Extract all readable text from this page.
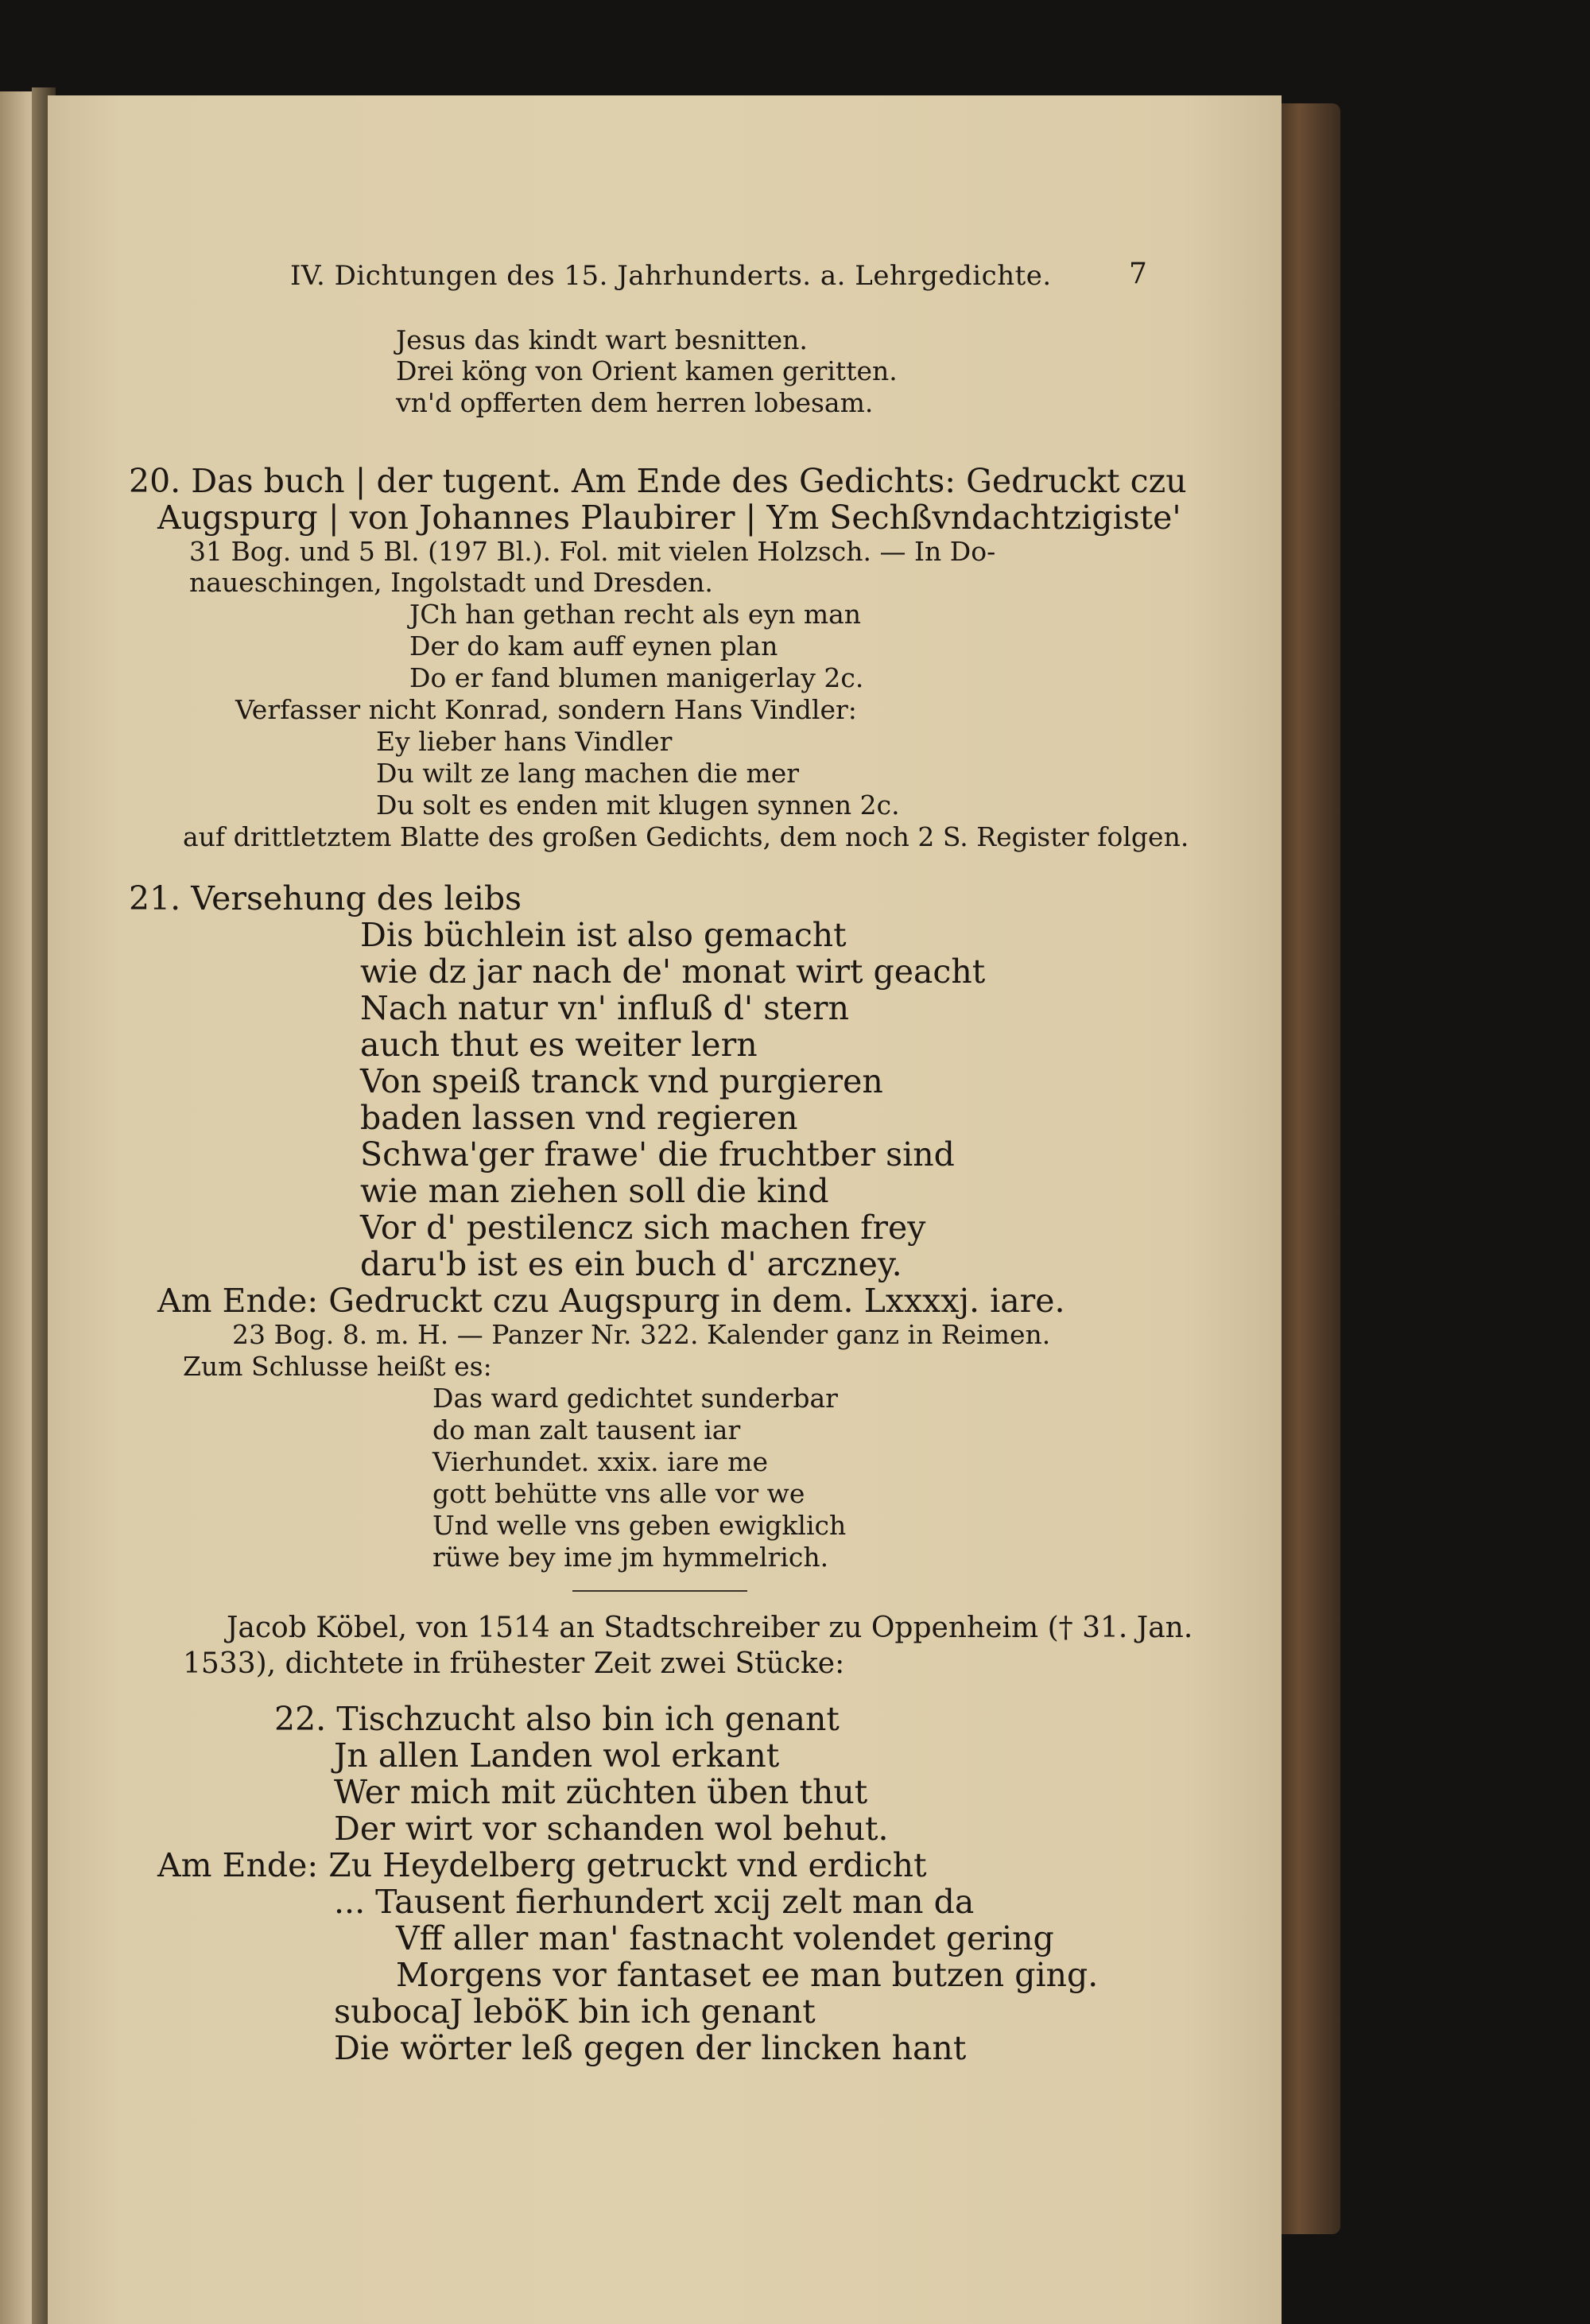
IV. Dichtungen des 15. Jahrhunderts. a. Lehrgedichte.	7
Jesus das kindt wart besnitten.
Drei köng von Orient kamen geritten.
vn'd opfferten dem herren lobesam.
20. Das buch | der tugent. Am Ende des Gedichts: Gedruckt czu
Augspurg | von Johannes Plaubirer | Ym Sechßvndachtzigiste'
31 Bog. und 5 Bl. (197 Bl.). Fol. mit vielen Holzsch. — In Do-
naueschingen, Ingolstadt und Dresden.
JCh han gethan recht als eyn man
Der do kam auff eynen plan
Do er fand blumen manigerlay 2c.
Verfasser nicht Konrad, sondern Hans Vindler:
Ey lieber hans Vindler
Du wilt ze lang machen die mer
Du solt es enden mit klugen synnen 2c.
auf drittletztem Blatte des großen Gedichts, dem noch 2 S. Register folgen.
21. Versehung des leibs
Dis büchlein ist also gemacht
wie dz jar nach de' monat wirt geacht
Nach natur vn' influß d' stern
auch thut es weiter lern
Von speiß tranck vnd purgieren
baden lassen vnd regieren
Schwa'ger frawe' die fruchtber sind
wie man ziehen soll die kind
Vor d' pestilencz sich machen frey
daru'b ist es ein buch d' arczney.
Am Ende: Gedruckt czu Augspurg in dem. Lxxxxj. iare.
23 Bog. 8. m. H. — Panzer Nr. 322. Kalender ganz in Reimen.
Zum Schlusse heißt es:
Das ward gedichtet sunderbar
do man zalt tausent iar
Vierhundet. xxix. iare me
gott behütte vns alle vor we
Und welle vns geben ewigklich
rüwe bey ime jm hymmelrich.
Jacob Köbel, von 1514 an Stadtschreiber zu Oppenheim († 31. Jan.
1533), dichtete in frühester Zeit zwei Stücke:
22. Tischzucht also bin ich genant
Jn allen Landen wol erkant
Wer mich mit züchten üben thut
Der wirt vor schanden wol behut.
Am Ende: Zu Heydelberg getruckt vnd erdicht
... Tausent fierhundert xcij zelt man da
Vff aller man' fastnacht volendet gering
Morgens vor fantaset ee man butzen ging.
subocaJ leböK bin ich genant
Die wörter leß gegen der lincken hant
